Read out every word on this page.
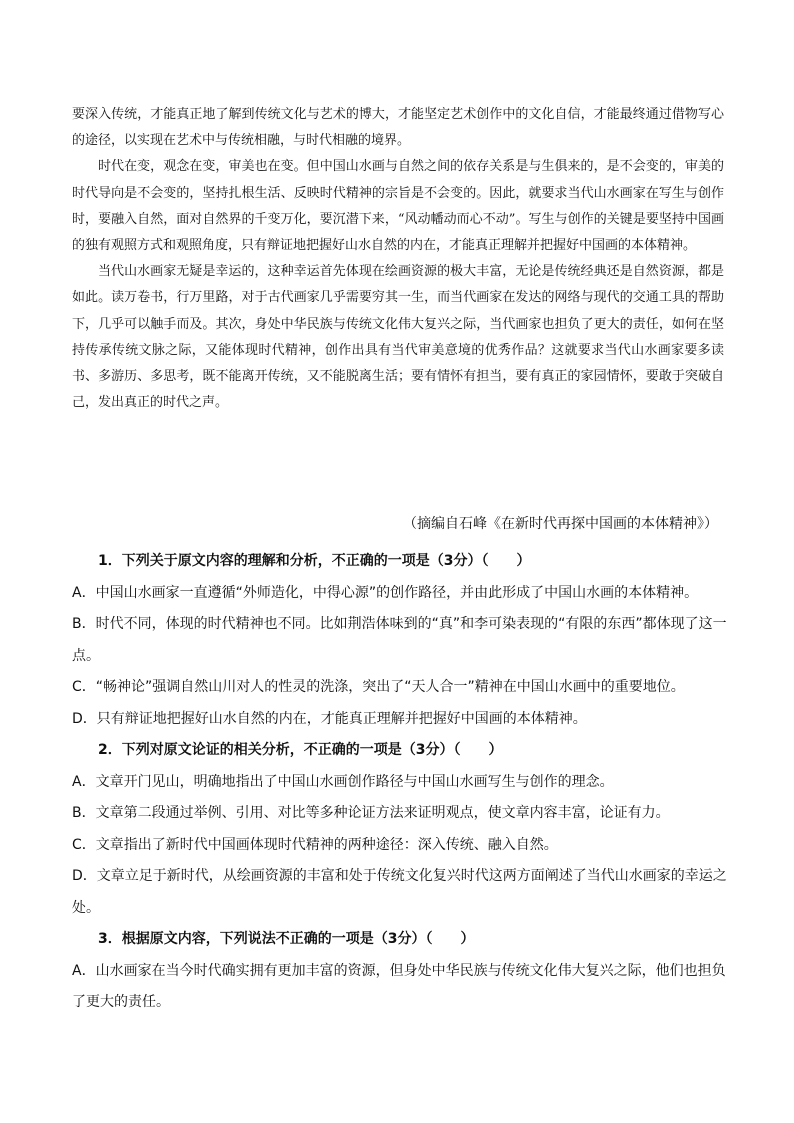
要深入传统，才能真正地了解到传统文化与艺术的博大，才能坚定艺术创作中的文化自信，才能最终通过借物写心的途径，以实现在艺术中与传统相融，与时代相融的境界。

时代在变，观念在变，审美也在变。但中国山水画与自然之间的依存关系是与生俱来的，是不会变的，审美的时代导向是不会变的，坚持扎根生活、反映时代精神的宗旨是不会变的。因此，就要求当代山水画家在写生与创作时，要融入自然，面对自然界的千变万化，要沉潜下来，“风动幡动而心不动”。写生与创作的关键是要坚持中国画的独有观照方式和观照角度，只有辩证地把握好山水自然的内在，才能真正理解并把握好中国画的本体精神。

当代山水画家无疑是幸运的，这种幸运首先体现在绘画资源的极大丰富，无论是传统经典还是自然资源，都是如此。读万卷书，行万里路，对于古代画家几乎需要穷其一生，而当代画家在发达的网络与现代的交通工具的帮助下，几乎可以触手而及。其次，身处中华民族与传统文化伟大复兴之际，当代画家也担负了更大的责任，如何在坚持传承传统文脉之际，又能体现时代精神，创作出具有当代审美意境的优秀作品？这就要求当代山水画家要多读书、多游历、多思考，既不能离开传统，又不能脱离生活；要有情怀有担当，要有真正的家园情怀，要敢于突破自己，发出真正的时代之声。

（摘编自石峰《在新时代再探中国画的本体精神》）

1．下列关于原文内容的理解和分析，不正确的一项是（3分）（　　）

A．中国山水画家一直遵循“外师造化，中得心源”的创作路径，并由此形成了中国山水画的本体精神。

B．时代不同，体现的时代精神也不同。比如荆浩体味到的“真”和李可染表现的“有限的东西”都体现了这一点。

C．“畅神论”强调自然山川对人的性灵的洗涤，突出了“天人合一”精神在中国山水画中的重要地位。

D．只有辩证地把握好山水自然的内在，才能真正理解并把握好中国画的本体精神。

2．下列对原文论证的相关分析，不正确的一项是（3分）（　　）

A．文章开门见山，明确地指出了中国山水画创作路径与中国山水画写生与创作的理念。

B．文章第二段通过举例、引用、对比等多种论证方法来证明观点，使文章内容丰富，论证有力。

C．文章指出了新时代中国画体现时代精神的两种途径：深入传统、融入自然。

D．文章立足于新时代，从绘画资源的丰富和处于传统文化复兴时代这两方面阐述了当代山水画家的幸运之处。

3．根据原文内容，下列说法不正确的一项是（3分）（　　）

A．山水画家在当今时代确实拥有更加丰富的资源，但身处中华民族与传统文化伟大复兴之际，他们也担负了更大的责任。
